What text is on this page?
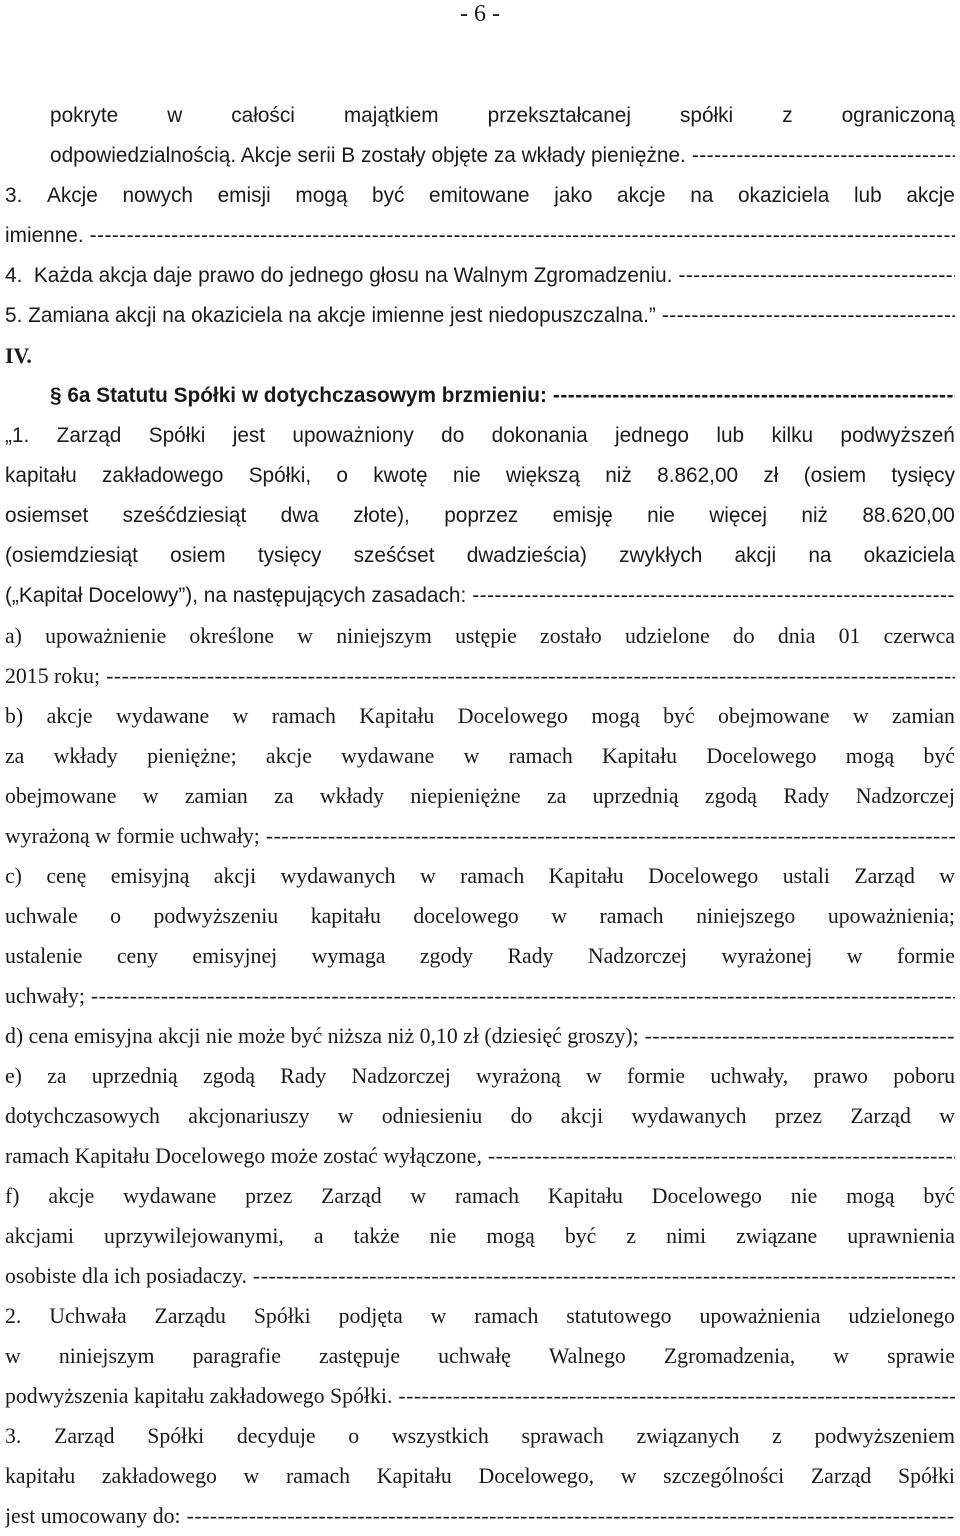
- 6 -
pokryte w całości majątkiem przekształcanej spółki z ograniczoną
odpowiedzialnością. Akcje serii B zostały objęte za wkłady pieniężne.
-----
3. Akcje nowych emisji mogą być emitowane jako akcje na okaziciela lub akcje
imienne.
-----
4.  Każda akcja daje prawo do jednego głosu na Walnym Zgromadzeniu.
-----
5. Zamiana akcji na okaziciela na akcje imienne jest niedopuszczalna.”
-----
IV.
§ 6a Statutu Spółki w dotychczasowym brzmieniu:
-----
„1. Zarząd Spółki jest upoważniony do dokonania jednego lub kilku podwyższeń
kapitału zakładowego Spółki, o kwotę nie większą niż 8.862,00 zł (osiem tysięcy
osiemset sześćdziesiąt dwa złote), poprzez emisję nie więcej niż 88.620,00
(osiemdziesiąt osiem tysięcy sześćset dwadzieścia) zwykłych akcji na okaziciela
(„Kapitał Docelowy”), na następujących zasadach:
-----
a) upoważnienie określone w niniejszym ustępie zostało udzielone do dnia 01 czerwca
2015 roku;
-----
b) akcje wydawane w ramach Kapitału Docelowego mogą być obejmowane w zamian
za wkłady pieniężne; akcje wydawane w ramach Kapitału Docelowego mogą być
obejmowane w zamian za wkłady niepieniężne za uprzednią zgodą Rady Nadzorczej
wyrażoną w formie uchwały;
-----
c) cenę emisyjną akcji wydawanych w ramach Kapitału Docelowego ustali Zarząd w
uchwale o podwyższeniu kapitału docelowego w ramach niniejszego upoważnienia;
ustalenie ceny emisyjnej wymaga zgody Rady Nadzorczej wyrażonej w formie
uchwały;
-----
d) cena emisyjna akcji nie może być niższa niż 0,10 zł (dziesięć groszy);
-----
e) za uprzednią zgodą Rady Nadzorczej wyrażoną w formie uchwały, prawo poboru
dotychczasowych akcjonariuszy w odniesieniu do akcji wydawanych przez Zarząd w
ramach Kapitału Docelowego może zostać wyłączone,
-----
f) akcje wydawane przez Zarząd w ramach Kapitału Docelowego nie mogą być
akcjami uprzywilejowanymi, a także nie mogą być z nimi związane uprawnienia
osobiste dla ich posiadaczy.
-----
2. Uchwała Zarządu Spółki podjęta w ramach statutowego upoważnienia udzielonego
w niniejszym paragrafie zastępuje uchwałę Walnego Zgromadzenia, w sprawie
podwyższenia kapitału zakładowego Spółki.
-----
3. Zarząd Spółki decyduje o wszystkich sprawach związanych z podwyższeniem
kapitału zakładowego w ramach Kapitału Docelowego, w szczególności Zarząd Spółki
jest umocowany do:
-----
